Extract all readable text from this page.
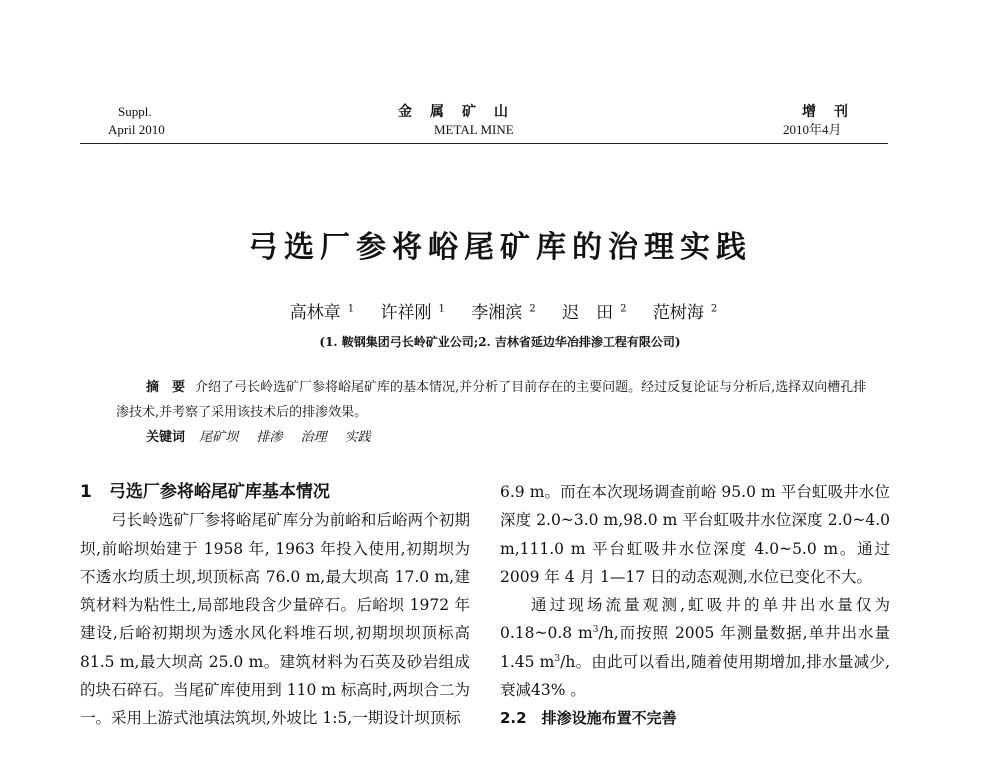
Suppl.
April 2010
金属矿山
METAL MINE
增刊
2010年4月
弓选厂参将峪尾矿库的治理实践
高林章 $^1$ 许祥刚 $^1$ 李湘滨 $^2$ 迟　田 $^2$ 范树海 $^2$
(1. 鞍钢集团弓长岭矿业公司;2. 吉林省延边华冶排渗工程有限公司)

摘　要 介绍了弓长岭选矿厂参将峪尾矿库的基本情况,并分析了目前存在的主要问题。经过反复论证与分析后,选择双向槽孔排渗技术,并考察了采用该技术后的排渗效果。

关键词 尾矿坝 排渗 治理 实践

1　弓选厂参将峪尾矿库基本情况

弓长岭选矿厂参将峪尾矿库分为前峪和后峪两个初期坝,前峪坝始建于 1958 年, 1963 年投入使用,初期坝为不透水均质土坝,坝顶标高 76.0 m,最大坝高 17.0 m,建筑材料为粘性土,局部地段含少量碎石。后峪坝 1972 年建设,后峪初期坝为透水风化料堆石坝,初期坝坝顶标高 81.5 m,最大坝高 25.0 m。建筑材料为石英及砂岩组成的块石碎石。当尾矿库使用到 110 m 标高时,两坝合二为一。采用上游式池填法筑坝,外坡比 1:5,一期设计坝顶标

6.9 m。而在本次现场调查前峪 95.0 m 平台虹吸井水位深度 2.0~3.0 m,98.0 m 平台虹吸井水位深度 2.0~4.0 m,111.0 m 平台虹吸井水位深度 4.0~5.0 m。通过 2009 年 4 月 1—17 日的动态观测,水位已变化不大。

通过现场流量观测,虹吸井的单井出水量仅为 0.18~0.8 $m^3/h$,而按照 2005 年测量数据,单井出水量 1.45 $m^3/h$。由此可以看出,随着使用期增加,排水量减少,衰减43% 。

2.2　排渗设施布置不完善
